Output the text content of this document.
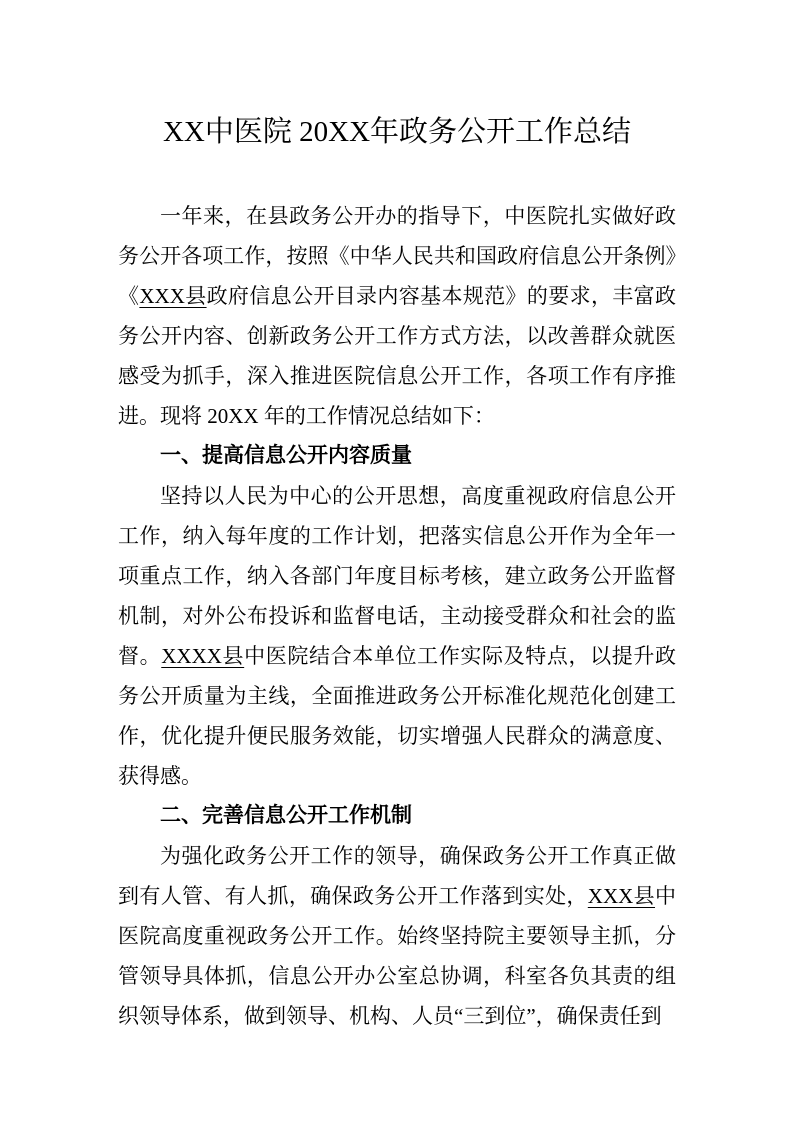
XX中医院 20XX年政务公开工作总结

一年来，在县政务公开办的指导下，中医院扎实做好政务公开各项工作，按照《中华人民共和国政府信息公开条例》《XXX县政府信息公开目录内容基本规范》的要求，丰富政务公开内容、创新政务公开工作方式方法，以改善群众就医感受为抓手，深入推进医院信息公开工作，各项工作有序推进。现将 20XX 年的工作情况总结如下：

一、提高信息公开内容质量

坚持以人民为中心的公开思想，高度重视政府信息公开工作，纳入每年度的工作计划，把落实信息公开作为全年一项重点工作，纳入各部门年度目标考核，建立政务公开监督机制，对外公布投诉和监督电话，主动接受群众和社会的监督。XXXX县中医院结合本单位工作实际及特点，以提升政务公开质量为主线，全面推进政务公开标准化规范化创建工作，优化提升便民服务效能，切实增强人民群众的满意度、获得感。

二、完善信息公开工作机制

为强化政务公开工作的领导，确保政务公开工作真正做到有人管、有人抓，确保政务公开工作落到实处，XXX县中医院高度重视政务公开工作。始终坚持院主要领导主抓，分管领导具体抓，信息公开办公室总协调，科室各负其责的组织领导体系，做到领导、机构、人员“三到位”，确保责任到
